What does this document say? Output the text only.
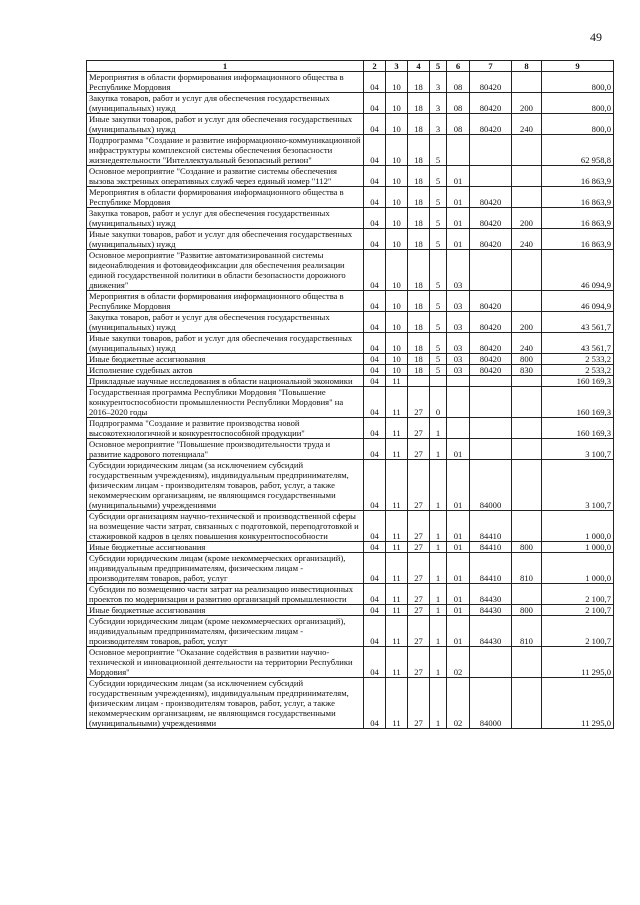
49
1	2	3	4	5	6	7	8	9
Мероприятия в области формирования информационного общества в Республике Мордовия	04	10	18	3	08	80420		800,0
Закупка товаров, работ и услуг для обеспечения государственных (муниципальных) нужд	04	10	18	3	08	80420	200	800,0
Иные закупки товаров, работ и услуг для обеспечения государственных (муниципальных) нужд	04	10	18	3	08	80420	240	800,0
Подпрограмма "Создание и развитие информационно-коммуникационной инфраструктуры комплексной системы обеспечения безопасности жизнедеятельности "Интеллектуальный безопасный регион"	04	10	18	5				62 958,8
Основное мероприятие "Создание и развитие системы обеспечения вызова экстренных оперативных служб через единый номер "112"	04	10	18	5	01			16 863,9
Мероприятия в области формирования информационного общества в Республике Мордовия	04	10	18	5	01	80420		16 863,9
Закупка товаров, работ и услуг для обеспечения государственных (муниципальных) нужд	04	10	18	5	01	80420	200	16 863,9
Иные закупки товаров, работ и услуг для обеспечения государственных (муниципальных) нужд	04	10	18	5	01	80420	240	16 863,9
Основное мероприятие "Развитие автоматизированной системы видеонаблюдения и фотовидеофиксации для обеспечения реализации единой государственной политики в области безопасности дорожного движения"	04	10	18	5	03			46 094,9
Мероприятия в области формирования информационного общества в Республике Мордовия	04	10	18	5	03	80420		46 094,9
Закупка товаров, работ и услуг для обеспечения государственных (муниципальных) нужд	04	10	18	5	03	80420	200	43 561,7
Иные закупки товаров, работ и услуг для обеспечения государственных (муниципальных) нужд	04	10	18	5	03	80420	240	43 561,7
Иные бюджетные ассигнования	04	10	18	5	03	80420	800	2 533,2
Исполнение судебных актов	04	10	18	5	03	80420	830	2 533,2
Прикладные научные исследования в области национальной экономики	04	11						160 169,3
Государственная программа Республики Мордовия "Повышение конкурентоспособности промышленности Республики Мордовия" на 2016–2020 годы	04	11	27	0				160 169,3
Подпрограмма "Создание и развитие производства новой высокотехнологичной и конкурентоспособной продукции"	04	11	27	1				160 169,3
Основное мероприятие "Повышение производительности труда и развитие кадрового потенциала"	04	11	27	1	01			3 100,7
Субсидии юридическим лицам (за исключением субсидий государственным учреждениям), индивидуальным предпринимателям, физическим лицам - производителям товаров, работ, услуг, а также некоммерческим организациям, не являющимся государственными (муниципальными) учреждениями	04	11	27	1	01	84000		3 100,7
Субсидии организациям научно-технической и производственной сферы на возмещение части затрат, связанных с подготовкой, переподготовкой и стажировкой кадров в целях повышения конкурентоспособности	04	11	27	1	01	84410		1 000,0
Иные бюджетные ассигнования	04	11	27	1	01	84410	800	1 000,0
Субсидии юридическим лицам (кроме некоммерческих организаций), индивидуальным предпринимателям, физическим лицам - производителям товаров, работ, услуг	04	11	27	1	01	84410	810	1 000,0
Субсидии по возмещению части затрат на реализацию инвестиционных проектов по модернизации и развитию организаций промышленности	04	11	27	1	01	84430		2 100,7
Иные бюджетные ассигнования	04	11	27	1	01	84430	800	2 100,7
Субсидии юридическим лицам (кроме некоммерческих организаций), индивидуальным предпринимателям, физическим лицам - производителям товаров, работ, услуг	04	11	27	1	01	84430	810	2 100,7
Основное мероприятие "Оказание содействия в развитии научно-технической и инновационной деятельности на территории Республики Мордовия"	04	11	27	1	02			11 295,0
Субсидии юридическим лицам (за исключением субсидий государственным учреждениям), индивидуальным предпринимателям, физическим лицам - производителям товаров, работ, услуг, а также некоммерческим организациям, не являющимся государственными (муниципальными) учреждениями	04	11	27	1	02	84000		11 295,0
